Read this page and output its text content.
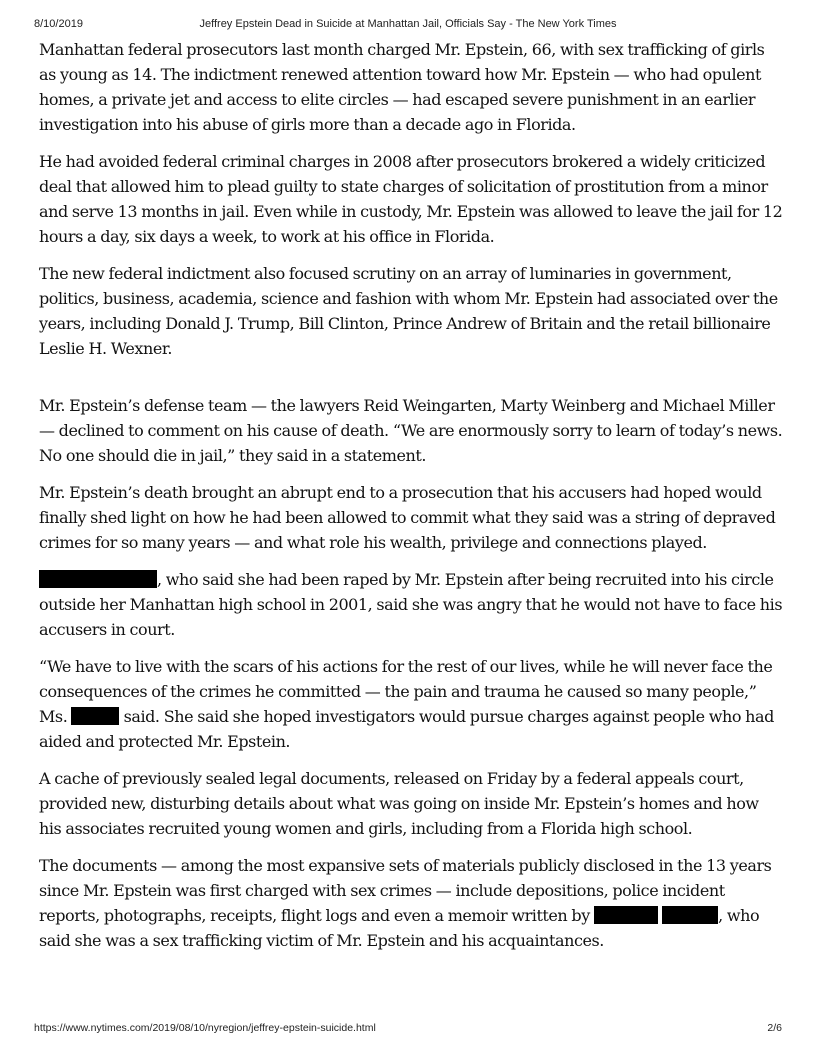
8/10/2019	Jeffrey Epstein Dead in Suicide at Manhattan Jail, Officials Say - The New York Times

Manhattan federal prosecutors last month charged Mr. Epstein, 66, with sex trafficking of girls as young as 14. The indictment renewed attention toward how Mr. Epstein — who had opulent homes, a private jet and access to elite circles — had escaped severe punishment in an earlier investigation into his abuse of girls more than a decade ago in Florida.

He had avoided federal criminal charges in 2008 after prosecutors brokered a widely criticized deal that allowed him to plead guilty to state charges of solicitation of prostitution from a minor and serve 13 months in jail. Even while in custody, Mr. Epstein was allowed to leave the jail for 12 hours a day, six days a week, to work at his office in Florida.

The new federal indictment also focused scrutiny on an array of luminaries in government, politics, business, academia, science and fashion with whom Mr. Epstein had associated over the years, including Donald J. Trump, Bill Clinton, Prince Andrew of Britain and the retail billionaire Leslie H. Wexner.

Mr. Epstein’s defense team — the lawyers Reid Weingarten, Marty Weinberg and Michael Miller — declined to comment on his cause of death. “We are enormously sorry to learn of today’s news. No one should die in jail,” they said in a statement.

Mr. Epstein’s death brought an abrupt end to a prosecution that his accusers had hoped would finally shed light on how he had been allowed to commit what they said was a string of depraved crimes for so many years — and what role his wealth, privilege and connections played.

, who said she had been raped by Mr. Epstein after being recruited into his circle outside her Manhattan high school in 2001, said she was angry that he would not have to face his accusers in court.

“We have to live with the scars of his actions for the rest of our lives, while he will never face the consequences of the crimes he committed — the pain and trauma he caused so many people,” Ms.	said. She said she hoped investigators would pursue charges against people who had aided and protected Mr. Epstein.

A cache of previously sealed legal documents, released on Friday by a federal appeals court, provided new, disturbing details about what was going on inside Mr. Epstein’s homes and how his associates recruited young women and girls, including from a Florida high school.

The documents — among the most expansive sets of materials publicly disclosed in the 13 years since Mr. Epstein was first charged with sex crimes — include depositions, police incident reports, photographs, receipts, flight logs and even a memoir written by	, who said she was a sex trafficking victim of Mr. Epstein and his acquaintances.

https://www.nytimes.com/2019/08/10/nyregion/jeffrey-epstein-suicide.html	2/6
